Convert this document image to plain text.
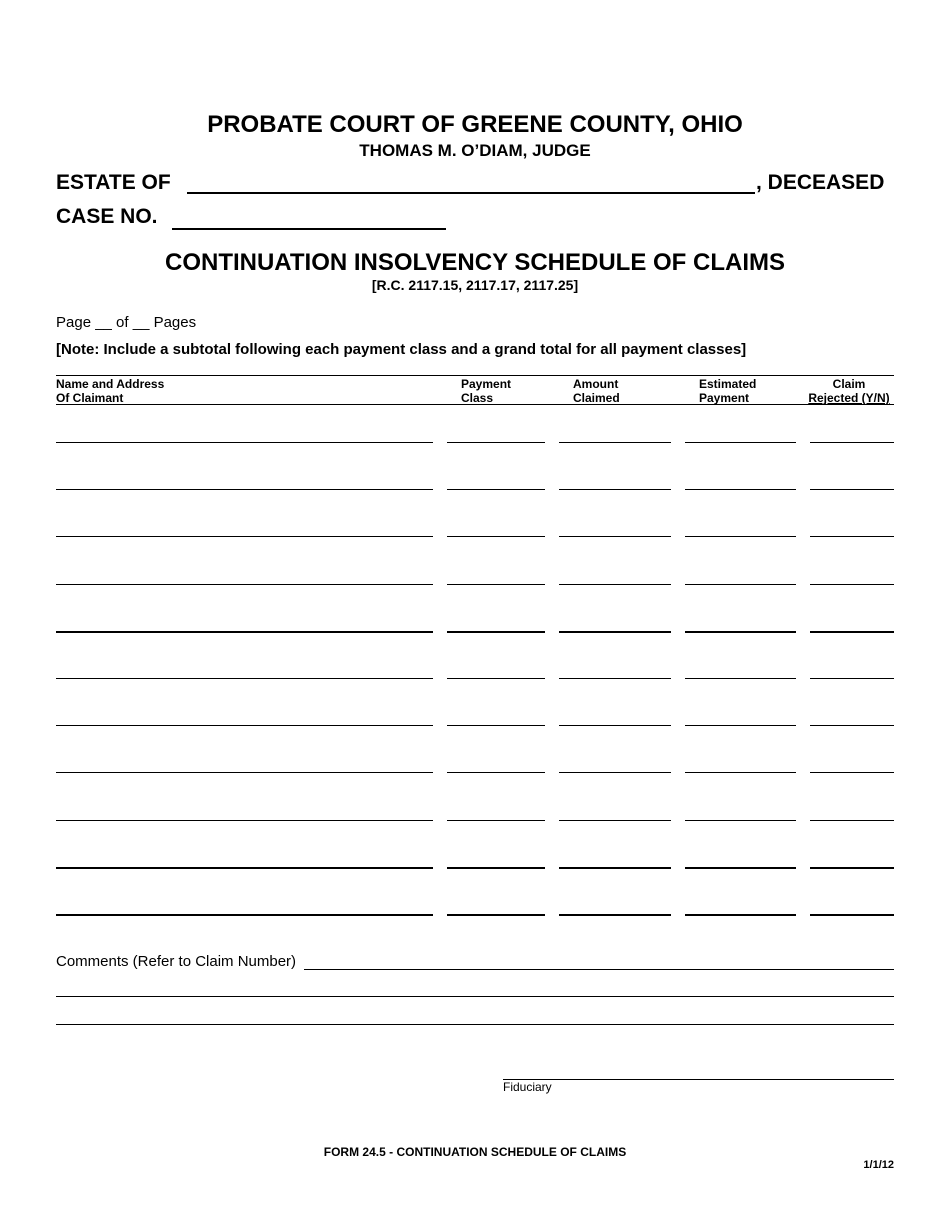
PROBATE COURT OF GREENE COUNTY, OHIO
THOMAS M. O’DIAM, JUDGE
ESTATE OF	, DECEASED
CASE NO.
CONTINUATION INSOLVENCY SCHEDULE OF CLAIMS
[R.C. 2117.15, 2117.17, 2117.25]
Page __ of __ Pages
[Note: Include a subtotal following each payment class and a grand total for all payment classes]
Name and Address
Of Claimant
Payment
Class
Amount
Claimed
Estimated
Payment
Claim
Rejected (Y/N)
Comments (Refer to Claim Number)
Fiduciary
FORM 24.5 - CONTINUATION SCHEDULE OF CLAIMS
1/1/12
